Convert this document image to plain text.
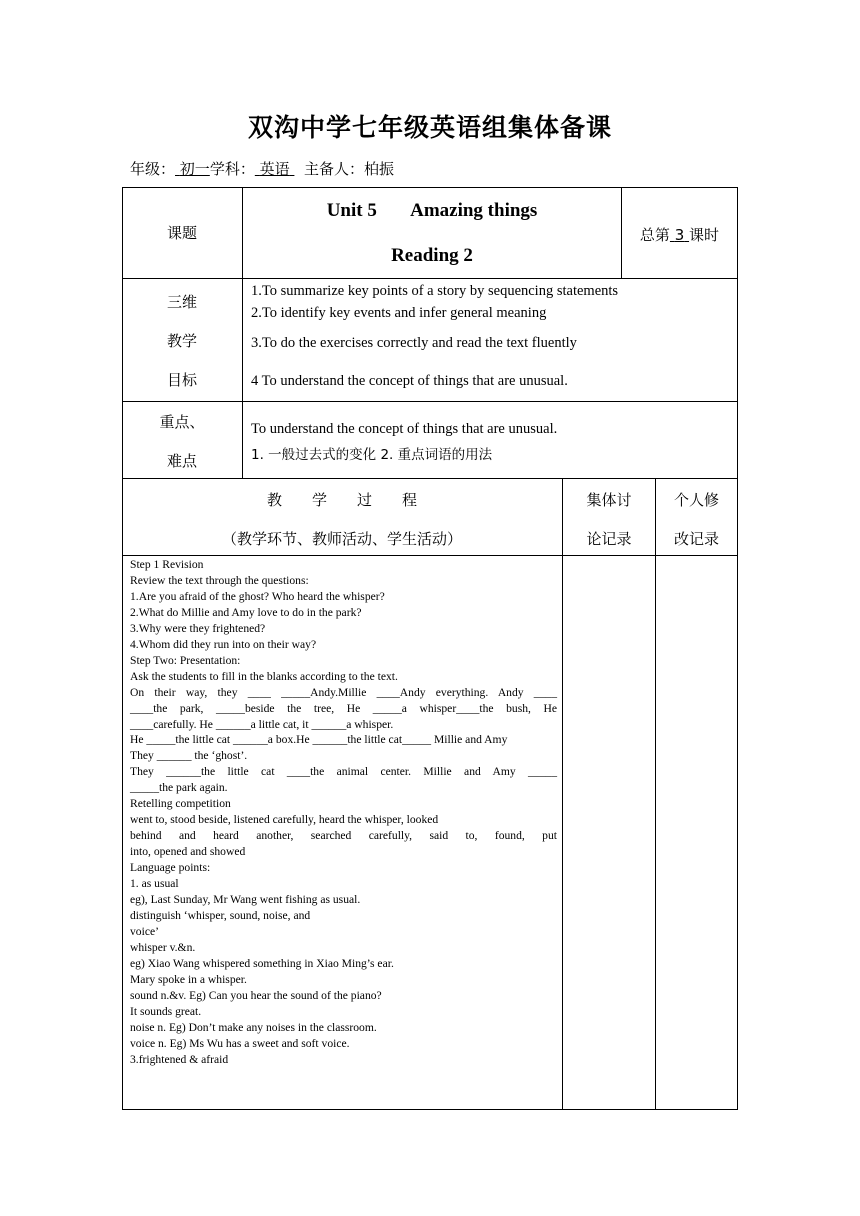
双沟中学七年级英语组集体备课
年级： 初一学科： 英语 主备人：柏振
课题
Unit 5 Amazing things
Reading 2
总第 3 课时
三维
教学
目标
1.To summarize key points of a story by sequencing statements
2.To identify key events and infer general meaning
3.To do the exercises correctly and read the text fluently
4 To understand the concept of things that are unusual.
重点、
难点
To understand the concept of things that are unusual.
1. 一般过去式的变化 2. 重点词语的用法
教　　学　　过　　程
（教学环节、教师活动、学生活动）
集体讨
论记录
个人修
改记录
Step 1 Revision
Review the text through the questions:
1.Are you afraid of the ghost? Who heard the whisper?
2.What do Millie and Amy love to do in the park?
3.Why were they frightened?
4.Whom did they run into on their way?
Step Two: Presentation:
Ask the students to fill in the blanks according to the text.
On their way, they ____ _____Andy.Millie ____Andy everything. Andy ____
____the park, _____beside the tree, He _____a whisper____the bush, He
____carefully. He ______a little cat, it ______a whisper.
He _____the little cat ______a box.He ______the little cat_____ Millie and Amy
They ______ the ‘ghost’.
They ______the little cat ____the animal center. Millie and Amy _____
_____the park again.
Retelling competition
went to, stood beside, listened carefully, heard the whisper, looked
behind and heard another, searched carefully, said to, found, put
into, opened and showed
Language points:
1. as usual
eg), Last Sunday, Mr Wang went fishing as usual.
distinguish ‘whisper, sound, noise, and
voice’
whisper v.&n.
eg) Xiao Wang whispered something in Xiao Ming’s ear.
Mary spoke in a whisper.
sound n.&v. Eg) Can you hear the sound of the piano?
It sounds great.
noise n. Eg) Don’t make any noises in the classroom.
voice n. Eg) Ms Wu has a sweet and soft voice.
3.frightened & afraid
